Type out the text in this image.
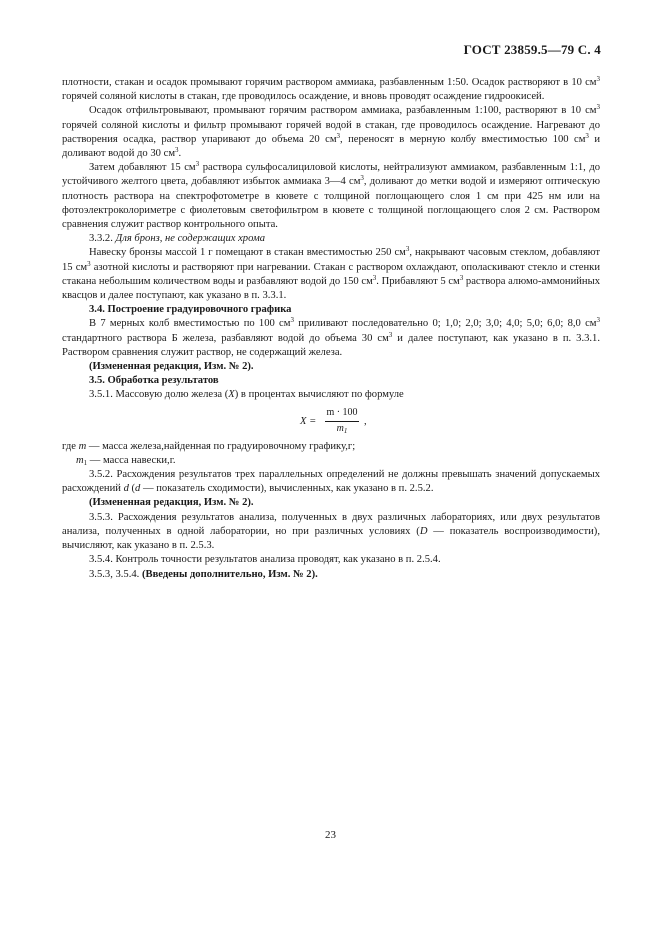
ГОСТ 23859.5—79 С. 4

плотности, стакан и осадок промывают горячим раствором аммиака, разбавленным 1:50. Осадок растворяют в 10 $см^3$ горячей соляной кислоты в стакан, где проводилось осаждение, и вновь проводят осаждение гидроокисей.

Осадок отфильтровывают, промывают горячим раствором аммиака, разбавленным 1:100, растворяют в 10 $см^3$ горячей соляной кислоты и фильтр промывают горячей водой в стакан, где проводилось осаждение. Нагревают до растворения осадка, раствор упаривают до объема 20 $см^3$, переносят в мерную колбу вместимостью 100 $см^3$ и доливают водой до 30 $см^3$.

Затем добавляют 15 $см^3$ раствора сульфосалициловой кислоты, нейтрализуют аммиаком, разбавленным 1:1, до устойчивого желтого цвета, добавляют избыток аммиака 3—4 $см^3$, доливают до метки водой и измеряют оптическую плотность раствора на спектрофотометре в кювете с толщиной поглощающего слоя 1 см при 425 нм или на фотоэлектроколориметре с фиолетовым светофильтром в кювете с толщиной поглощающего слоя 2 см. Раствором сравнения служит раствор контрольного опыта.

3.3.2. Для бронз, не содержащих хрома

Навеску бронзы массой 1 г помещают в стакан вместимостью 250 $см^3$, накрывают часовым стеклом, добавляют 15 $см^3$ азотной кислоты и растворяют при нагревании. Стакан с раствором охлаждают, ополаскивают стекло и стенки стакана небольшим количеством воды и разбавляют водой до 150 $см^3$. Прибавляют 5 $см^3$ раствора алюмо-аммонийных квасцов и далее поступают, как указано в п. 3.3.1.

3.4. Построение градуировочного графика

В 7 мерных колб вместимостью по 100 $см^3$ приливают последовательно 0; 1,0; 2,0; 3,0; 4,0; 5,0; 6,0; 8,0 $см^3$ стандартного раствора Б железа, разбавляют водой до объема 30 $см^3$ и далее поступают, как указано в п. 3.3.1. Раствором сравнения служит раствор, не содержащий железа.

(Измененная редакция, Изм. № 2).

3.5. Обработка результатов

3.5.1. Массовую долю железа (X) в процентах вычисляют по формуле

$X = \frac{m \cdot 100}{m_1}$ ,

где m — масса железа,найденная по градуировочному графику,г;

$m_1$ — масса навески,г.

3.5.2. Расхождения результатов трех параллельных определений не должны превышать значений допускаемых расхождений d (d — показатель сходимости), вычисленных, как указано в п. 2.5.2.

(Измененная редакция, Изм. № 2).

3.5.3. Расхождения результатов анализа, полученных в двух различных лабораториях, или двух результатов анализа, полученных в одной лаборатории, но при различных условиях (D — показатель воспроизводимости), вычисляют, как указано в п. 2.5.3.

3.5.4. Контроль точности результатов анализа проводят, как указано в п. 2.5.4.

3.5.3, 3.5.4. (Введены дополнительно, Изм. № 2).

23
